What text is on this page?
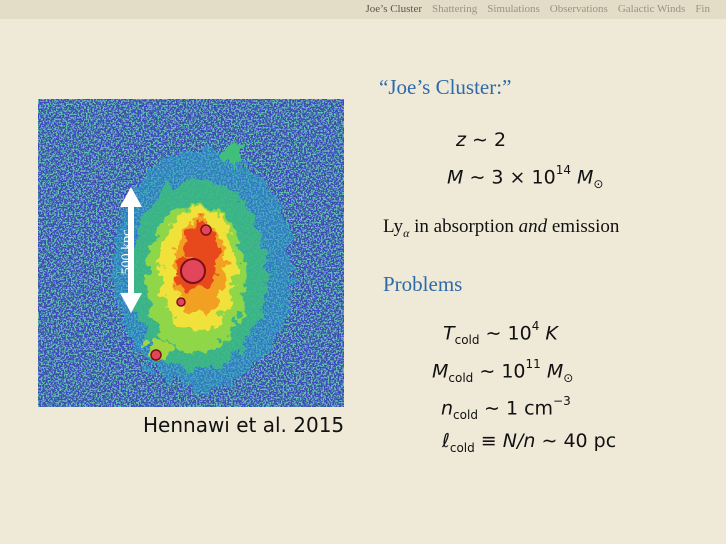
Joe’s Cluster Shattering Simulations Observations Galactic Winds Fin
500 kpc
Hennawi et al. 2015
“Joe’s Cluster:”
z ∼ 2
M ∼ $3 \times 10^{14}$ $M_⊙$
$Ly_\alpha$ in absorption and emission
Problems
$T_{cold}$ ∼ $10^4$ K
$M_{cold}$ ∼ $10^{11}$ $M_⊙$
$n_{cold}$ ∼ 1 $cm^{-3}$
ℓ$_{cold}$ ≡ N/n ∼ 40 pc
